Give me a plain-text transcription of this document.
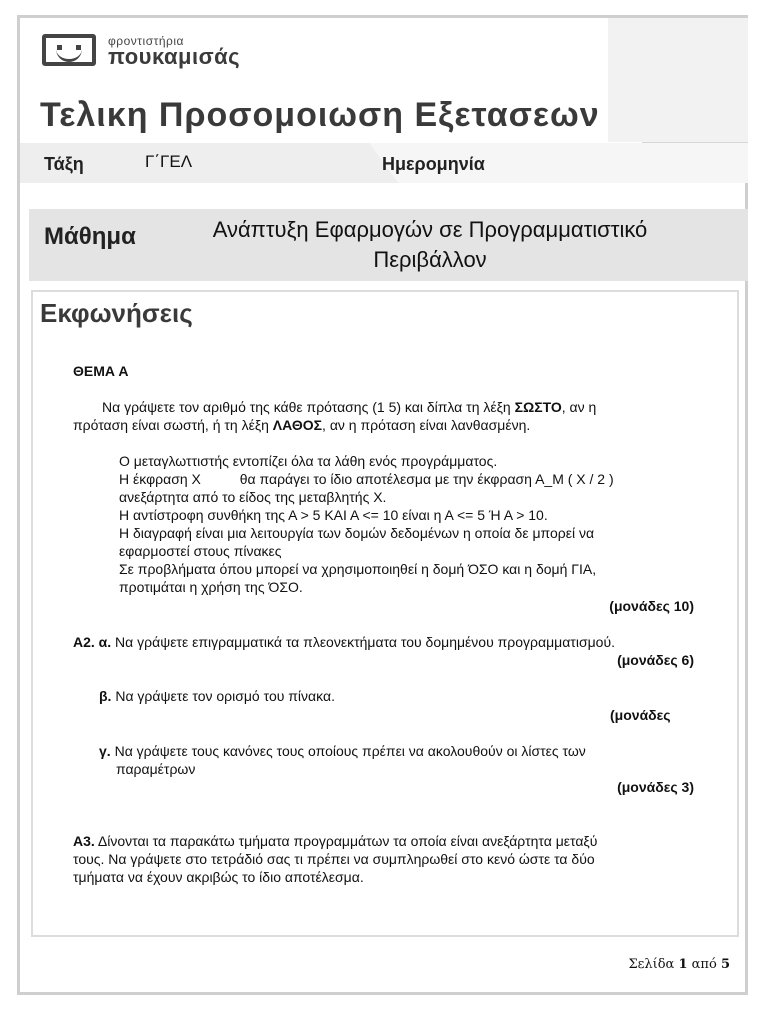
φροντιστήρια
πουκαμισάς
Τελικη Προσομοιωση Εξετασεων
Τάξη	Γ΄ΓΕΛ	Ημερομηνία
Μάθημα	Ανάπτυξη Εφαρμογών σε Προγραμματιστικό
Περιβάλλον
Εκφωνήσεις
ΘΕΜΑ Α
Να γράψετε τον αριθμό της κάθε πρότασης (1 5) και δίπλα τη λέξη ΣΩΣΤΟ, αν η
πρόταση είναι σωστή, ή τη λέξη ΛΑΘΟΣ, αν η πρόταση είναι λανθασμένη.
Ο μεταγλωττιστής εντοπίζει όλα τα λάθη ενός προγράμματος.
Η έκφραση Χ          θα παράγει το ίδιο αποτέλεσμα με την έκφραση Α_Μ ( Χ / 2 )
ανεξάρτητα από το είδος της μεταβλητής Χ.
Η αντίστροφη συνθήκη της Α > 5 ΚΑΙ Α <= 10 είναι η Α <= 5 Ή Α > 10.
Η διαγραφή είναι μια λειτουργία των δομών δεδομένων η οποία δε μπορεί να
εφαρμοστεί στους πίνακες
Σε προβλήματα όπου μπορεί να χρησιμοποιηθεί η δομή ΌΣΟ και η δομή ΓΙΑ,
προτιμάται η χρήση της ΌΣΟ.
(μονάδες 10)
Α2. α. Να γράψετε επιγραμματικά τα πλεονεκτήματα του δομημένου προγραμματισμού.
(μονάδες 6)
β. Να γράψετε τον ορισμό του πίνακα.
(μονάδες
γ. Να γράψετε τους κανόνες τους οποίους πρέπει να ακολουθούν οι λίστες των
παραμέτρων
(μονάδες 3)
Α3. Δίνονται τα παρακάτω τμήματα προγραμμάτων τα οποία είναι ανεξάρτητα μεταξύ
τους. Να γράψετε στο τετράδιό σας τι πρέπει να συμπληρωθεί στο κενό ώστε τα δύο
τμήματα να έχουν ακριβώς το ίδιο αποτέλεσμα.
Σελίδα 1 από 5
